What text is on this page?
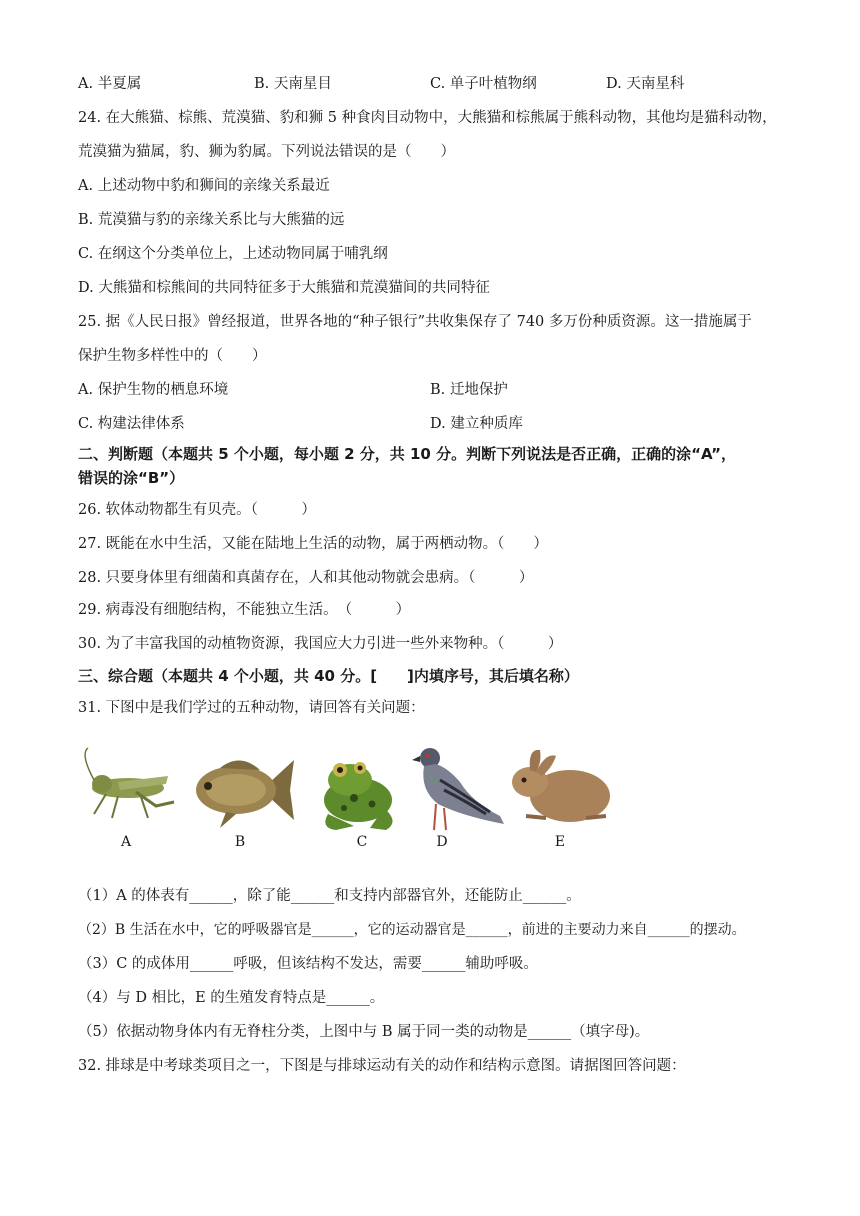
A. 半夏属	B. 天南星目	C. 单子叶植物纲	D. 天南星科
24. 在大熊猫、棕熊、荒漠猫、豹和狮 5 种食肉目动物中，大熊猫和棕熊属于熊科动物，其他均是猫科动物，
荒漠猫为猫属，豹、狮为豹属。下列说法错误的是（　　）
A. 上述动物中豹和狮间的亲缘关系最近
B. 荒漠猫与豹的亲缘关系比与大熊猫的远
C. 在纲这个分类单位上，上述动物同属于哺乳纲
D. 大熊猫和棕熊间的共同特征多于大熊猫和荒漠猫间的共同特征
25. 据《人民日报》曾经报道，世界各地的“种子银行”共收集保存了 740 多万份种质资源。这一措施属于
保护生物多样性中的（　　）
A. 保护生物的栖息环境	B. 迁地保护
C. 构建法律体系	D. 建立种质库
二、判断题（本题共 5 个小题，每小题 2 分，共 10 分。判断下列说法是否正确，正确的涂“A”，
错误的涂“B”）
26. 软体动物都生有贝壳。（　　　）
27. 既能在水中生活，又能在陆地上生活的动物，属于两栖动物。（　　）
28. 只要身体里有细菌和真菌存在，人和其他动物就会患病。（　　　）
29. 病毒没有细胞结构，不能独立生活。　（　　　）
30. 为了丰富我国的动植物资源，我国应大力引进一些外来物种。（　　　）
三、综合题（本题共 4 个小题，共 40 分。[　　]内填序号，其后填名称）
31. 下图中是我们学过的五种动物，请回答有关问题：
A	B	C	D	E
（1）A 的体表有______，除了能______和支持内部器官外，还能防止______。
（2）B 生活在水中，它的呼吸器官是______，它的运动器官是______，前进的主要动力来自______的摆动。
（3）C 的成体用______呼吸，但该结构不发达，需要______辅助呼吸。
（4）与 D 相比，E 的生殖发育特点是______。
（5）依据动物身体内有无脊柱分类，上图中与 B 属于同一类的动物是______（填字母)。
32. 排球是中考球类项目之一，下图是与排球运动有关的动作和结构示意图。请据图回答问题：
